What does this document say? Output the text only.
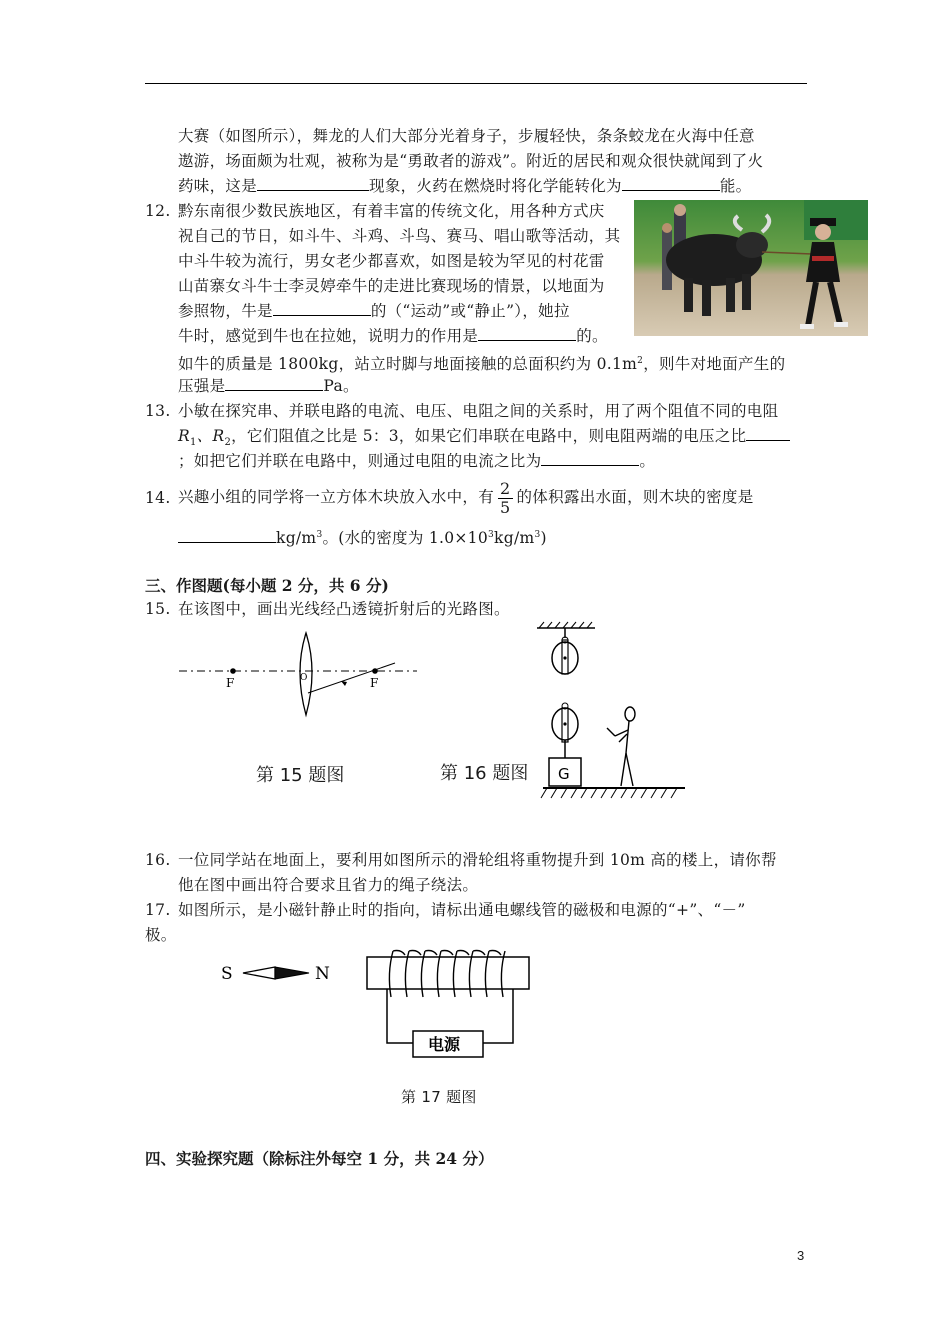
大赛（如图所示），舞龙的人们大部分光着身子，步履轻快，条条蛟龙在火海中任意
遨游，场面颇为壮观，被称为是“勇敢者的游戏”。附近的居民和观众很快就闻到了火
药味，这是	现象，火药在燃烧时将化学能转化为	能。
12. 黔东南很少数民族地区，有着丰富的传统文化，用各种方式庆
祝自己的节日，如斗牛、斗鸡、斗鸟、赛马、唱山歌等活动，其
中斗牛较为流行，男女老少都喜欢，如图是较为罕见的村花雷
山苗寨女斗牛士李灵婷牵牛的走进比赛现场的情景，以地面为
参照物，牛是	的（“运动”或“静止”），她拉
牛时，感觉到牛也在拉她，说明力的作用是	的。
如牛的质量是 1800kg，站立时脚与地面接触的总面积约为 $0.1m^2$，则牛对地面产生的
压强是	Pa。
13. 小敏在探究串、并联电路的电流、电压、电阻之间的关系时，用了两个阻值不同的电阻
$R_1$、$R_2$，它们阻值之比是 5：3，如果它们串联在电路中，则电阻两端的电压之比
；如把它们并联在电路中，则通过电阻的电流之比为	。
14. 兴趣小组的同学将一立方体木块放入水中，有 $\frac{2}{5}$ 的体积露出水面，则木块的密度是
$kg/m^3$。(水的密度为 $1.0\times 10^3kg/m^3$)
三、作图题(每小题 2 分，共 6 分)
15. 在该图中，画出光线经凸透镜折射后的光路图。
F	F
O
第 15 题图	G
第 16 题图
16. 一位同学站在地面上，要利用如图所示的滑轮组将重物提升到 10m 高的楼上，请你帮
他在图中画出符合要求且省力的绳子绕法。
17. 如图所示，是小磁针静止时的指向，请标出通电螺线管的磁极和电源的“+”、“－”
极。
S	N
电源
第 17 题图
四、实验探究题（除标注外每空 1 分，共 24 分）
3
